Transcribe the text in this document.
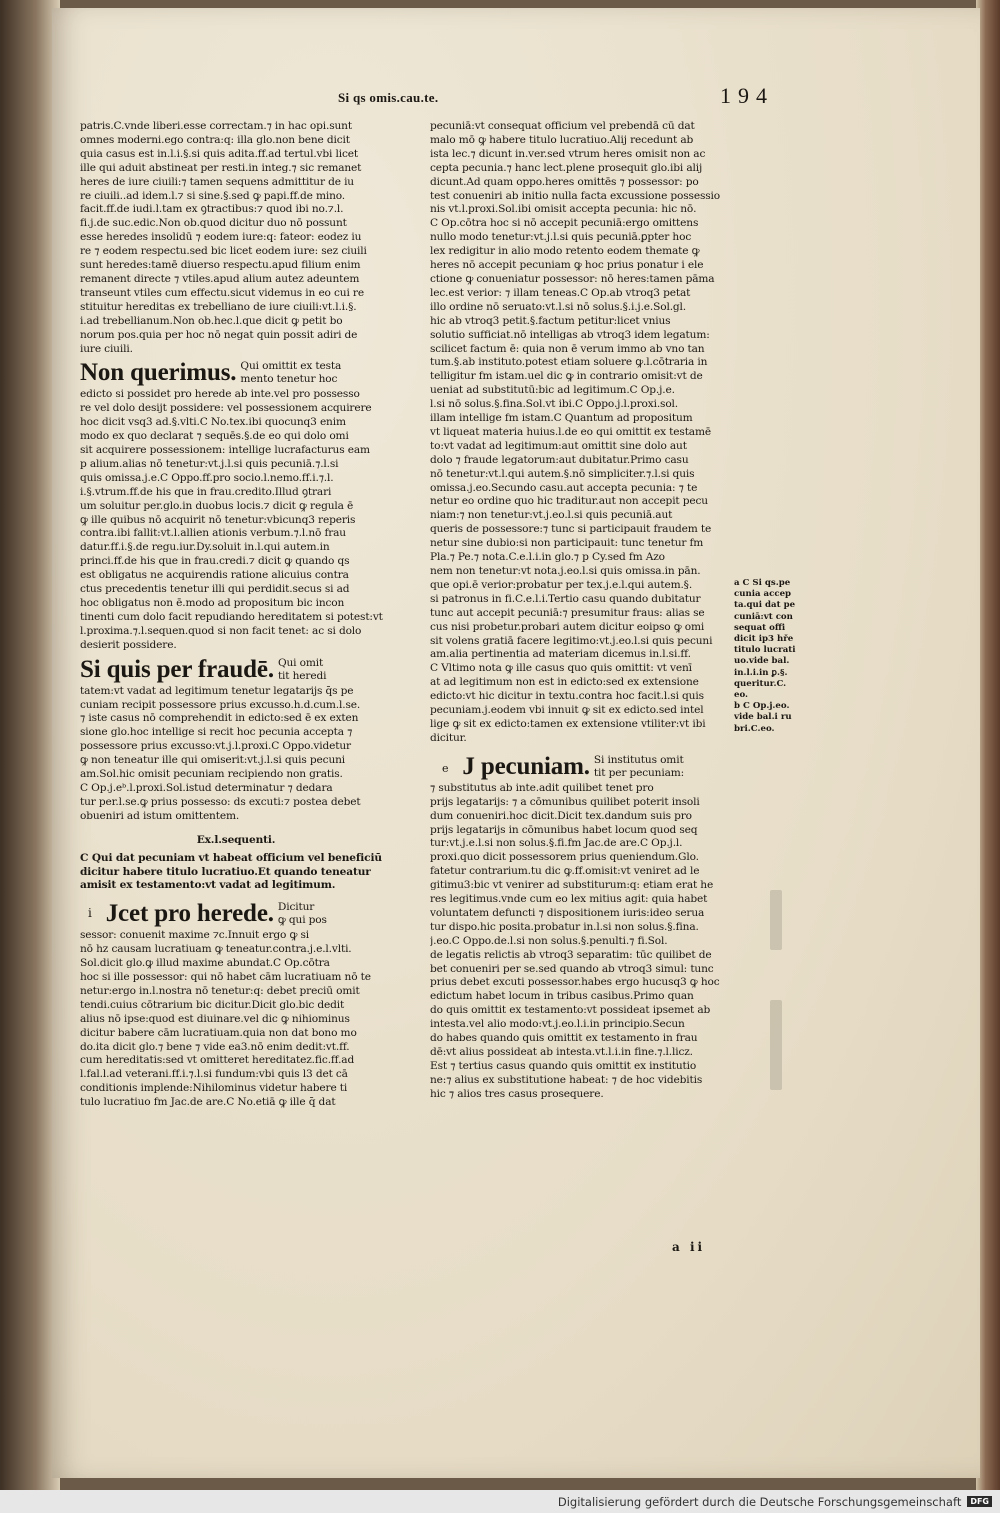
Si qs omis.cau.te.	194
patris.C.vnde liberi.esse correctam.⁊ in hac opi.sunt
omnes moderni.ego contra:q: illa glo.non bene dicit
quia casus est in.l.i.§.si quis adita.ff.ad tertul.vbi licet
ille qui aduit abstineat per resti.in integ.⁊ sic remanet
heres de iure ciuili:⁊ tamen sequens admittitur de iu
re ciuili..ad idem.l.⁊ si sine.§.sed ꝙ papi.ff.de mino.
facit.ff.de iudi.l.tam ex ꝯtractibus:⁊ quod ibi no.⁊.l.
fi.j.de suc.edic.Non ob.quod dicitur duo nō possunt
esse heredes insolidū ⁊ eodem iure:q: fateor: eodez iu
re ⁊ eodem respectu.sed bic licet eodem iure: sez ciuili
sunt heredes:tamē diuerso respectu.apud filium enim
remanent directe ⁊ vtiles.apud alium autez adeuntem
transeunt vtiles cum effectu.sicut videmus in eo cui re
stituitur hereditas ex trebelliano de iure ciuili:vt.l.i.§.
i.ad trebellianum.Non ob.hec.l.que dicit ꝙ petit bo
norum pos.quia per hoc nō negat quin possit adiri de
iure ciuili.
Non querimus. Qui omittit ex testa
mento tenetur hoc
edicto si possidet pro herede ab inte.vel pro possesso
re vel dolo desijt possidere: vel possessionem acquirere
hoc dicit vsq3 ad.§.vlti.C No.tex.ibi quocunq3 enim
modo ex quo declarat ⁊ sequēs.§.de eo qui dolo omi
sit acquirere possessionem: intellige lucrafacturus eam
p alium.alias nō tenetur:vt.j.l.si quis pecuniā.⁊.l.si
quis omissa.j.e.C Oppo.ff.pro socio.l.nemo.ff.i.⁊.l.
i.§.vtrum.ff.de his que in frau.credito.Illud ꝯtrari
um soluitur per.glo.in duobus locis.⁊ dicit ꝙ regula ē
ꝙ ille quibus nō acquirit nō tenetur:vbicunq3 reperis
contra.ibi fallit:vt.l.allien ationis verbum.⁊.l.nō frau
datur.ff.i.§.de regu.iur.Dy.soluit in.l.qui autem.in
princi.ff.de his que in frau.credi.⁊ dicit ꝙ quando qs
est obligatus ne acquirendis ratione alicuius contra
ctus precedentis tenetur illi qui perdidit.secus si ad
hoc obligatus non ē.modo ad propositum bic incon
tinenti cum dolo facit repudiando hereditatem si potest:vt
l.proxima.⁊.l.sequen.quod si non facit tenet: ac si dolo
desierit possidere.
Si quis per fraudē. Qui omit
tit heredi
tatem:vt vadat ad legitimum tenetur legatarijs q̄s pe
cuniam recipit possessore prius excusso.h.d.cum.l.se.
⁊ iste casus nō comprehendit in edicto:sed ē ex exten
sione glo.hoc intellige si recit hoc pecunia accepta ⁊
possessore prius excusso:vt.j.l.proxi.C Oppo.videtur
ꝙ non teneatur ille qui omiserit:vt.j.l.si quis pecuni
am.Sol.hic omisit pecuniam recipiendo non gratis.
C Op.j.eᵇ.l.proxi.Sol.istud determinatur ⁊ dedara
tur per.l.se.ꝙ prius possesso: ds excuti:⁊ postea debet
obueniri ad istum omittentem.
Ex.l.sequenti.
C Qui dat pecuniam vt habeat officium vel beneficiū
dicitur habere titulo lucratiuo.Et quando teneatur
amisit ex testamento:vt vadat ad legitimum.
i Jcet pro herede. Dicitur
ꝙ qui pos
sessor: conuenit maxime ⁊c.Innuit ergo ꝙ si
nō hz causam lucratiuam ꝙ teneatur.contra.j.e.l.vlti.
Sol.dicit glo.ꝙ illud maxime abundat.C Op.cōtra
hoc si ille possessor: qui nō habet cām lucratiuam nō te
netur:ergo in.l.nostra nō tenetur:q: debet preciū omit
tendi.cuius cōtrarium bic dicitur.Dicit glo.bic dedit
alius nō ipse:quod est diuinare.vel dic ꝙ nihiominus
dicitur babere cām lucratiuam.quia non dat bono mo
do.ita dicit glo.⁊ bene ⁊ vide ea3.nō enim dedit:vt.ff.
cum hereditatis:sed vt omitteret hereditatez.fic.ff.ad
l.fal.l.ad veterani.ff.i.⁊.l.si fundum:vbi quis l3 det cā
conditionis implende:Nihilominus videtur habere ti
tulo lucratiuo fm Jac.de are.C No.etiā ꝙ ille q̄ dat
pecuniā:vt consequat officium vel prebendā cū dat
malo mō ꝙ habere titulo lucratiuo.Alij recedunt ab
ista lec.⁊ dicunt in.ver.sed vtrum heres omisit non ac
cepta pecunia.⁊ hanc lect.plene prosequit glo.ibi alij
dicunt.Ad quam oppo.heres omittēs ⁊ possessor: po
test conueniri ab initio nulla facta excussione possessio
nis vt.l.proxi.Sol.ibi omisit accepta pecunia: hic nō.
C Op.cōtra hoc si nō accepit pecuniā:ergo omittens
nullo modo tenetur:vt.j.l.si quis pecuniā.ꝑpter hoc
lex redigitur in alio modo retento eodem themate ꝙ
heres nō accepit pecuniam ꝙ hoc prius ponatur i ele
ctione ꝙ conueniatur possessor: nō heres:tamen pāma
lec.est verior: ⁊ illam teneas.C Op.ab vtroq3 petat
illo ordine nō seruato:vt.l.si nō solus.§.i.j.e.Sol.gl.
hic ab vtroq3 petit.§.factum petitur:licet vnius
solutio sufficiat.nō intelligas ab vtroq3 idem legatum:
scilicet factum ē: quia non ē verum immo ab vno tan
tum.§.ab instituto.potest etiam soluere ꝙ.l.cōtraria in
telligitur fm istam.uel dic ꝙ in contrario omisit:vt de
ueniat ad substitutū:bic ad legitimum.C Op.j.e.
l.si nō solus.§.fina.Sol.vt ibi.C Oppo.j.l.proxi.sol.
illam intellige fm istam.C Quantum ad propositum
vt liqueat materia huius.l.de eo qui omittit ex testamē
to:vt vadat ad legitimum:aut omittit sine dolo aut
dolo ⁊ fraude legatorum:aut dubitatur.Primo casu
nō tenetur:vt.l.qui autem.§.nō simpliciter.⁊.l.si quis
omissa.j.eo.Secundo casu.aut accepta pecunia: ⁊ te
netur eo ordine quo hic traditur.aut non accepit pecu
niam:⁊ non tenetur:vt.j.eo.l.si quis pecuniā.aut
queris de possessore:⁊ tunc si participauit fraudem te
netur sine dubio:si non participauit: tunc tenetur fm
Pla.⁊ Pe.⁊ nota.C.e.l.i.in glo.⁊ p Cy.sed fm Azo
nem non tenetur:vt nota.j.eo.l.si quis omissa.in pān.
que opi.ē verior:probatur per tex.j.e.l.qui autem.§.
si patronus in fi.C.e.l.i.Tertio casu quando dubitatur
tunc aut accepit pecuniā:⁊ presumitur fraus: alias se
cus nisi probetur.probari autem dicitur eoipso ꝙ omi
sit volens gratiā facere legitimo:vt.j.eo.l.si quis pecuni
am.alia pertinentia ad materiam dicemus in.l.si.ff.
C Vltimo nota ꝙ ille casus quo quis omittit: vt venī
at ad legitimum non est in edicto:sed ex extensione
edicto:vt hic dicitur in textu.contra hoc facit.l.si quis
pecuniam.j.eodem vbi innuit ꝙ sit ex edicto.sed intel
lige ꝙ sit ex edicto:tamen ex extensione vtiliter:vt ibi
dicitur.
e J pecuniam. Si institutus omit
tit per pecuniam:
⁊ substitutus ab inte.adit quilibet tenet pro
prijs legatarijs: ⁊ a cōmunibus quilibet poterit insoli
dum conueniri.hoc dicit.Dicit tex.dandum suis pro
prijs legatarijs in cōmunibus habet locum quod seq
tur:vt.j.e.l.si non solus.§.fi.fm Jac.de are.C Op.j.l.
proxi.quo dicit possessorem prius queniendum.Glo.
fatetur contrarium.tu dic ꝙ.ff.omisit:vt veniret ad le
gitimu3:bic vt venirer ad substiturum:q: etiam erat he
res legitimus.vnde cum eo lex mitius agit: quia habet
voluntatem defuncti ⁊ dispositionem iuris:ideo serua
tur dispo.hic posita.probatur in.l.si non solus.§.fina.
j.eo.C Oppo.de.l.si non solus.§.penulti.⁊ fi.Sol.
de legatis relictis ab vtroq3 separatim: tūc quilibet de
bet conueniri per se.sed quando ab vtroq3 simul: tunc
prius debet excuti possessor.habes ergo hucusq3 ꝙ hoc
edictum habet locum in tribus casibus.Primo quan
do quis omittit ex testamento:vt possideat ipsemet ab
intesta.vel alio modo:vt.j.eo.l.i.in principio.Secun
do habes quando quis omittit ex testamento in frau
dē:vt alius possideat ab intesta.vt.l.i.in fine.⁊.l.licz.
Est ⁊ tertius casus quando quis omittit ex institutio
ne:⁊ alius ex substitutione habeat: ⁊ de hoc videbitis
hic ⁊ alios tres casus prosequere.
a C Si qs.pe
cunia accep
ta.qui dat pe
cuniā:vt con
sequat offi
dicit ip3 hře
titulo lucrati
uo.vide bal.
in.l.i.in ꝑ.§.
queritur.C.
eo.
b C Op.j.eo.
vide bal.i ru
bri.C.eo.
a ii
Digitalisierung gefördert durch die Deutsche Forschungsgemeinschaft	DFG
